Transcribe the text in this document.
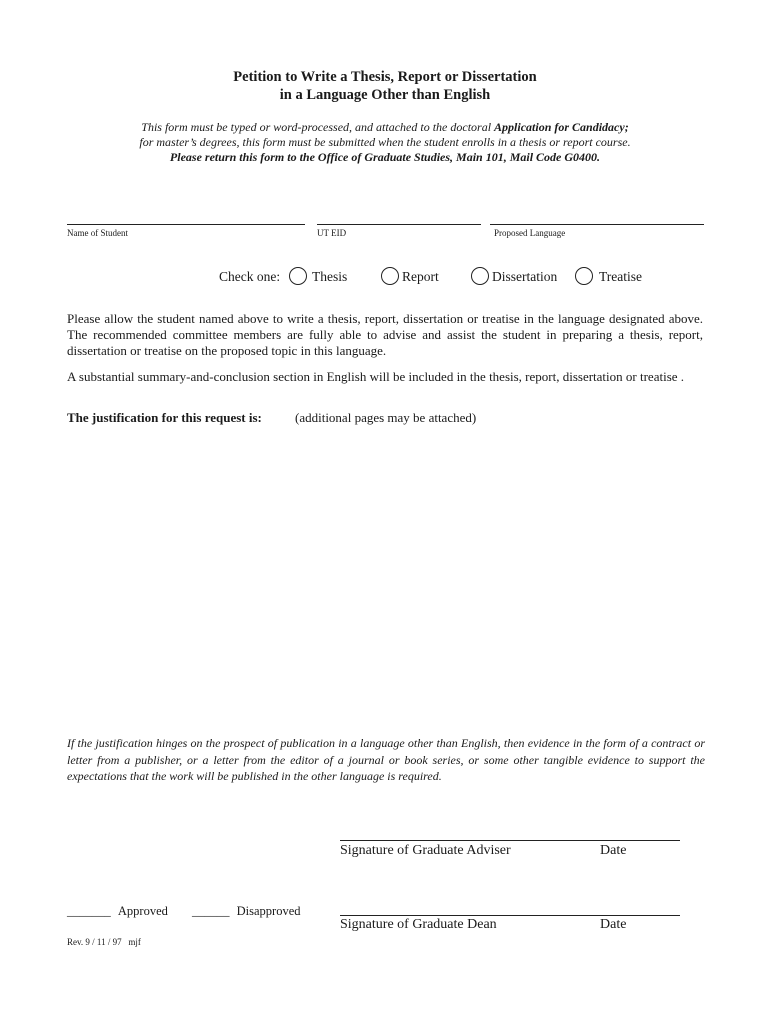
Petition to Write a Thesis, Report or Dissertation
in a Language Other than English
This form must be typed or word-processed, and attached to the doctoral Application for Candidacy;
for master’s degrees, this form must be submitted when the student enrolls in a thesis or report course.
Please return this form to the Office of Graduate Studies, Main 101, Mail Code G0400.
Name of Student	UT EID	Proposed Language
Check one: Thesis	Report	Dissertation	Treatise
Please allow the student named above to write a thesis, report, dissertation or treatise in the language designated above. The recommended committee members are fully able to advise and assist the student in preparing a thesis, report, dissertation or treatise on the proposed topic in this language.
A substantial summary-and-conclusion section in English will be included in the thesis, report, dissertation or treatise .
The justification for this request is:	(additional pages may be attached)
If the justification hinges on the prospect of publication in a language other than English, then evidence in the form of a contract or letter from a publisher, or a letter from the editor of a journal or book series, or some other tangible evidence to support the expectations that the work will be published in the other language is required.
Signature of Graduate Adviser	Date
_______ Approved ______ Disapproved
Signature of Graduate Dean	Date
Rev. 9 / 11 / 97   mjf
